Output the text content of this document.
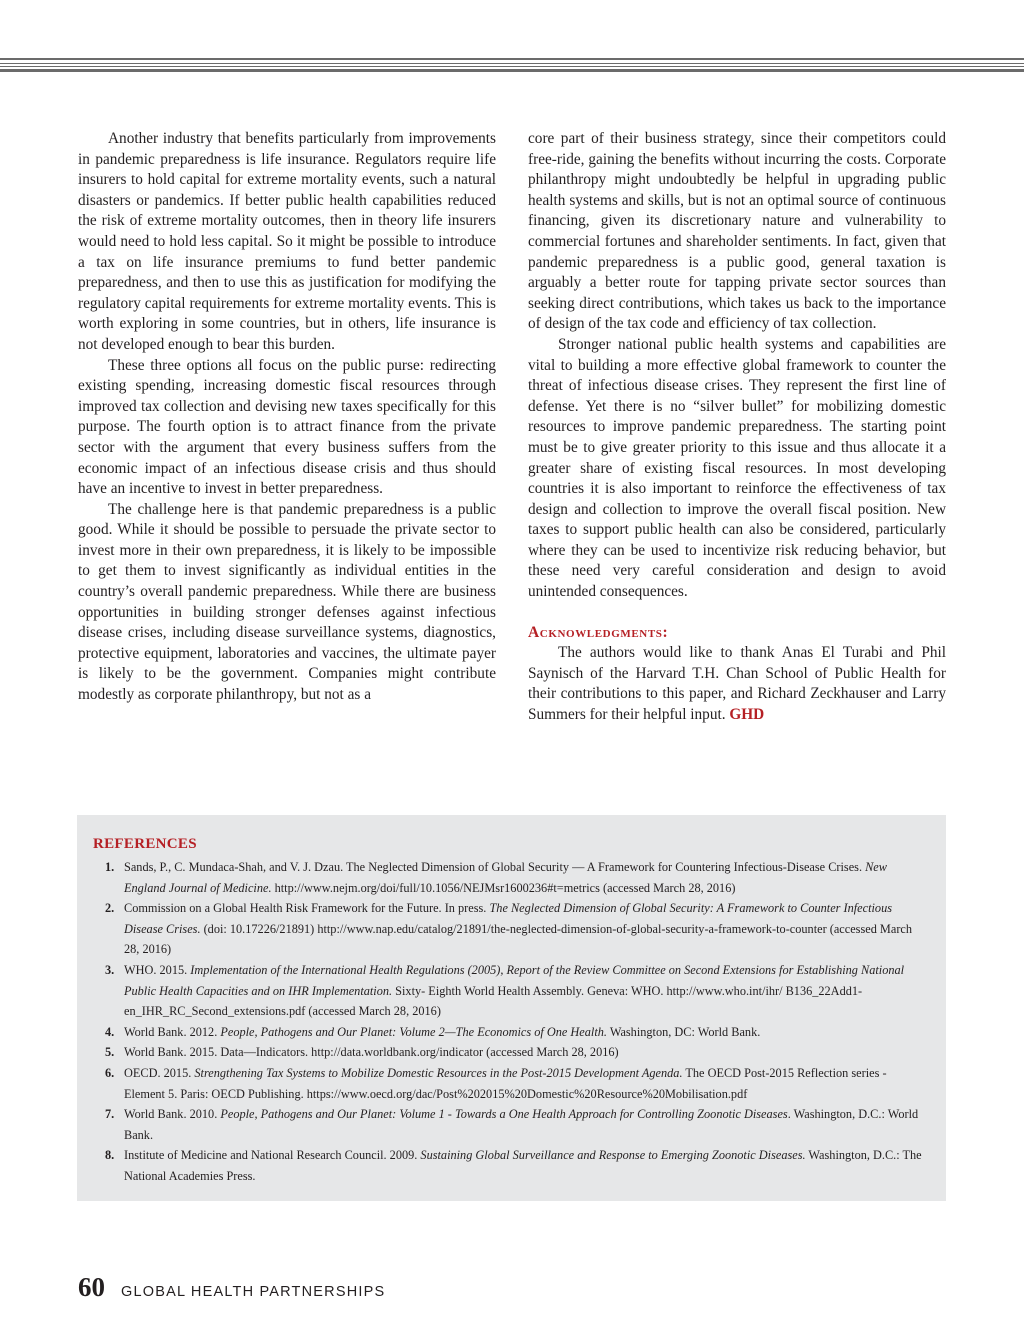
Another industry that benefits particularly from improvements in pandemic preparedness is life insurance. Regulators require life insurers to hold capital for extreme mortality events, such a natural disasters or pandemics. If better public health capabilities reduced the risk of extreme mortality outcomes, then in theory life insurers would need to hold less capital. So it might be possible to introduce a tax on life insurance premiums to fund better pandemic preparedness, and then to use this as justification for modifying the regulatory capital requirements for extreme mortality events. This is worth exploring in some countries, but in others, life insurance is not developed enough to bear this burden.

These three options all focus on the public purse: redirecting existing spending, increasing domestic fiscal resources through improved tax collection and devising new taxes specifically for this purpose. The fourth option is to attract finance from the private sector with the argument that every business suffers from the economic impact of an infectious disease crisis and thus should have an incentive to invest in better preparedness.

The challenge here is that pandemic preparedness is a public good. While it should be possible to persuade the private sector to invest more in their own preparedness, it is likely to be impossible to get them to invest significantly as individual entities in the country’s overall pandemic preparedness. While there are business opportunities in building stronger defenses against infectious disease crises, including disease surveillance systems, diagnostics, protective equipment, laboratories and vaccines, the ultimate payer is likely to be the government. Companies might contribute modestly as corporate philanthropy, but not as a

core part of their business strategy, since their competitors could free-ride, gaining the benefits without incurring the costs. Corporate philanthropy might undoubtedly be helpful in upgrading public health systems and skills, but is not an optimal source of continuous financing, given its discretionary nature and vulnerability to commercial fortunes and shareholder sentiments. In fact, given that pandemic preparedness is a public good, general taxation is arguably a better route for tapping private sector sources than seeking direct contributions, which takes us back to the importance of design of the tax code and efficiency of tax collection.

Stronger national public health systems and capabilities are vital to building a more effective global framework to counter the threat of infectious disease crises. They represent the first line of defense. Yet there is no “silver bullet” for mobilizing domestic resources to improve pandemic preparedness. The starting point must be to give greater priority to this issue and thus allocate it a greater share of existing fiscal resources. In most developing countries it is also important to reinforce the effectiveness of tax design and collection to improve the overall fiscal position. New taxes to support public health can also be considered, particularly where they can be used to incentivize risk reducing behavior, but these need very careful consideration and design to avoid unintended consequences.

Acknowledgments:

The authors would like to thank Anas El Turabi and Phil Saynisch of the Harvard T.H. Chan School of Public Health for their contributions to this paper, and Richard Zeckhauser and Larry Summers for their helpful input. GHD

REFERENCES
1. Sands, P., C. Mundaca-Shah, and V. J. Dzau. The Neglected Dimension of Global Security — A Framework for Countering Infectious-Disease Crises. New England Journal of Medicine. http://www.nejm.org/doi/full/10.1056/NEJMsr1600236#t=metrics (accessed March 28, 2016)
2. Commission on a Global Health Risk Framework for the Future. In press. The Neglected Dimension of Global Security: A Framework to Counter Infectious Disease Crises. (doi: 10.17226/21891) http://www.nap.edu/catalog/21891/the-neglected-dimension-of-global-security-a-framework-to-counter (accessed March 28, 2016)
3. WHO. 2015. Implementation of the International Health Regulations (2005), Report of the Review Committee on Second Extensions for Establishing National Public Health Capacities and on IHR Implementation. Sixty- Eighth World Health Assembly. Geneva: WHO. http://www.who.int/ihr/ B136_22Add1-en_IHR_RC_Second_extensions.pdf (accessed March 28, 2016)
4. World Bank. 2012. People, Pathogens and Our Planet: Volume 2—The Economics of One Health. Washington, DC: World Bank.
5. World Bank. 2015. Data—Indicators. http://data.worldbank.org/indicator (accessed March 28, 2016)
6. OECD. 2015. Strengthening Tax Systems to Mobilize Domestic Resources in the Post-2015 Development Agenda. The OECD Post-2015 Reflection series - Element 5. Paris: OECD Publishing. https://www.oecd.org/dac/Post%202015%20Domestic%20Resource%20Mobilisation.pdf
7. World Bank. 2010. People, Pathogens and Our Planet: Volume 1 - Towards a One Health Approach for Controlling Zoonotic Diseases. Washington, D.C.: World Bank.
8. Institute of Medicine and National Research Council. 2009. Sustaining Global Surveillance and Response to Emerging Zoonotic Diseases. Washington, D.C.: The National Academies Press.
60 GLOBAL HEALTH PARTNERSHIPS
